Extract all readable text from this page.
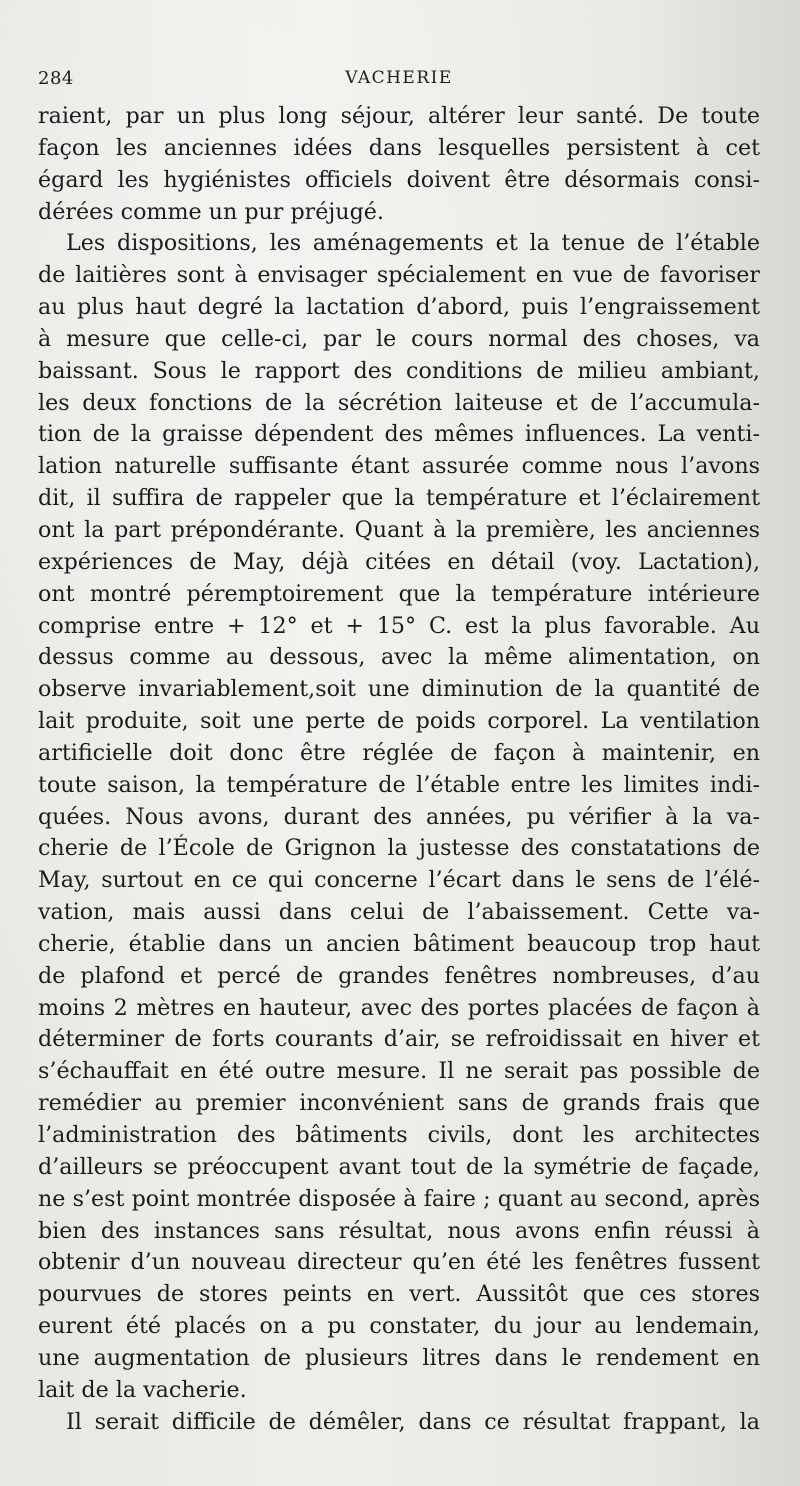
284	VACHERIE
raient, par un plus long séjour, altérer leur santé. De toute
façon les anciennes idées dans lesquelles persistent à cet
égard les hygiénistes officiels doivent être désormais consi-
dérées comme un pur préjugé.
Les dispositions, les aménagements et la tenue de l’étable
de laitières sont à envisager spécialement en vue de favoriser
au plus haut degré la lactation d’abord, puis l’engraissement
à mesure que celle-ci, par le cours normal des choses, va
baissant. Sous le rapport des conditions de milieu ambiant,
les deux fonctions de la sécrétion laiteuse et de l’accumula-
tion de la graisse dépendent des mêmes influences. La venti-
lation naturelle suffisante étant assurée comme nous l’avons
dit, il suffira de rappeler que la température et l’éclairement
ont la part prépondérante. Quant à la première, les anciennes
expériences de May, déjà citées en détail (voy. Lactation),
ont montré péremptoirement que la température intérieure
comprise entre + 12° et + 15° C. est la plus favorable. Au
dessus comme au dessous, avec la même alimentation, on
observe invariablement,soit une diminution de la quantité de
lait produite, soit une perte de poids corporel. La ventilation
artificielle doit donc être réglée de façon à maintenir, en
toute saison, la température de l’étable entre les limites indi-
quées. Nous avons, durant des années, pu vérifier à la va-
cherie de l’École de Grignon la justesse des constatations de
May, surtout en ce qui concerne l’écart dans le sens de l’élé-
vation, mais aussi dans celui de l’abaissement. Cette va-
cherie, établie dans un ancien bâtiment beaucoup trop haut
de plafond et percé de grandes fenêtres nombreuses, d’au
moins 2 mètres en hauteur, avec des portes placées de façon à
déterminer de forts courants d’air, se refroidissait en hiver et
s’échauffait en été outre mesure. Il ne serait pas possible de
remédier au premier inconvénient sans de grands frais que
l’administration des bâtiments civils, dont les architectes
d’ailleurs se préoccupent avant tout de la symétrie de façade,
ne s’est point montrée disposée à faire ; quant au second, après
bien des instances sans résultat, nous avons enfin réussi à
obtenir d’un nouveau directeur qu’en été les fenêtres fussent
pourvues de stores peints en vert. Aussitôt que ces stores
eurent été placés on a pu constater, du jour au lendemain,
une augmentation de plusieurs litres dans le rendement en
lait de la vacherie.
Il serait difficile de démêler, dans ce résultat frappant, la
